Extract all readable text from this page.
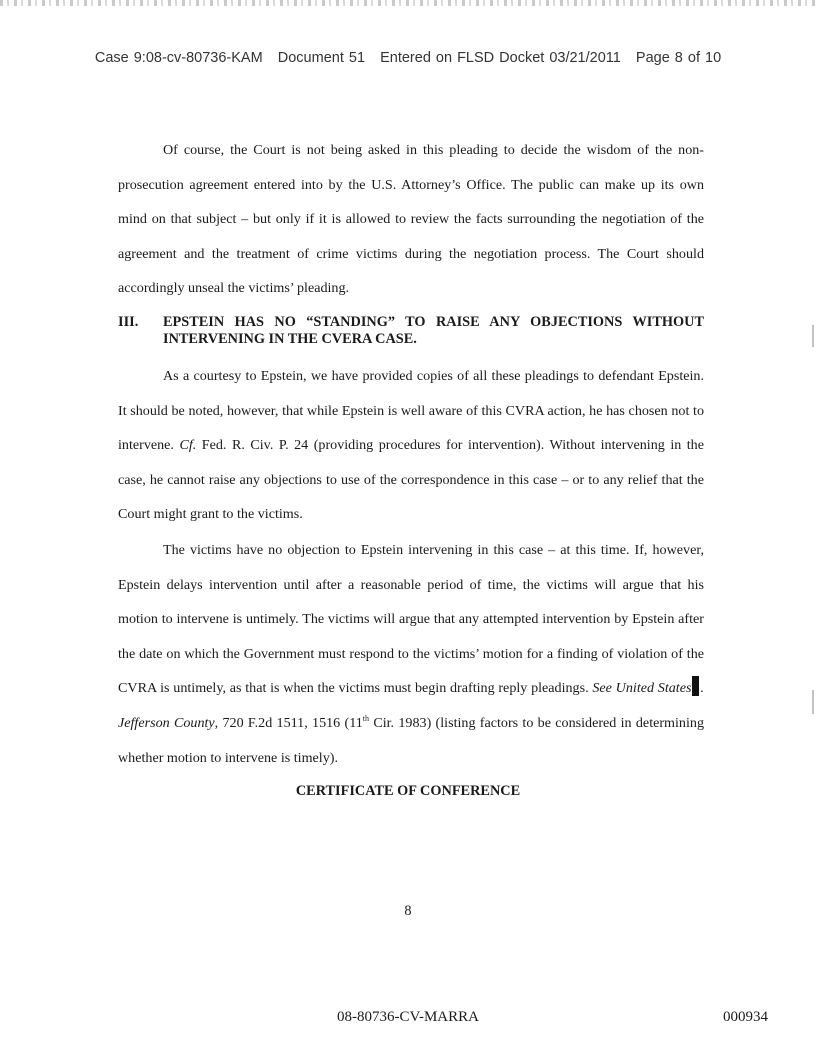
Case 9:08-cv-80736-KAM   Document 51   Entered on FLSD Docket 03/21/2011   Page 8 of 10

Of course, the Court is not being asked in this pleading to decide the wisdom of the non-prosecution agreement entered into by the U.S. Attorney’s Office. The public can make up its own mind on that subject – but only if it is allowed to review the facts surrounding the negotiation of the agreement and the treatment of crime victims during the negotiation process. The Court should accordingly unseal the victims’ pleading.

III.	EPSTEIN HAS NO “STANDING” TO RAISE ANY OBJECTIONS WITHOUT INTERVENING IN THE CVERA CASE.

As a courtesy to Epstein, we have provided copies of all these pleadings to defendant Epstein. It should be noted, however, that while Epstein is well aware of this CVRA action, he has chosen not to intervene. Cf. Fed. R. Civ. P. 24 (providing procedures for intervention). Without intervening in the case, he cannot raise any objections to use of the correspondence in this case – or to any relief that the Court might grant to the victims.

The victims have no objection to Epstein intervening in this case – at this time. If, however, Epstein delays intervention until after a reasonable period of time, the victims will argue that his motion to intervene is untimely. The victims will argue that any attempted intervention by Epstein after the date on which the Government must respond to the victims’ motion for a finding of violation of the CVRA is untimely, as that is when the victims must begin drafting reply pleadings. See United States . Jefferson County, 720 F.2d 1511, 1516 (11th Cir. 1983) (listing factors to be considered in determining whether motion to intervene is timely).

CERTIFICATE OF CONFERENCE
8
08-80736-CV-MARRA	000934
